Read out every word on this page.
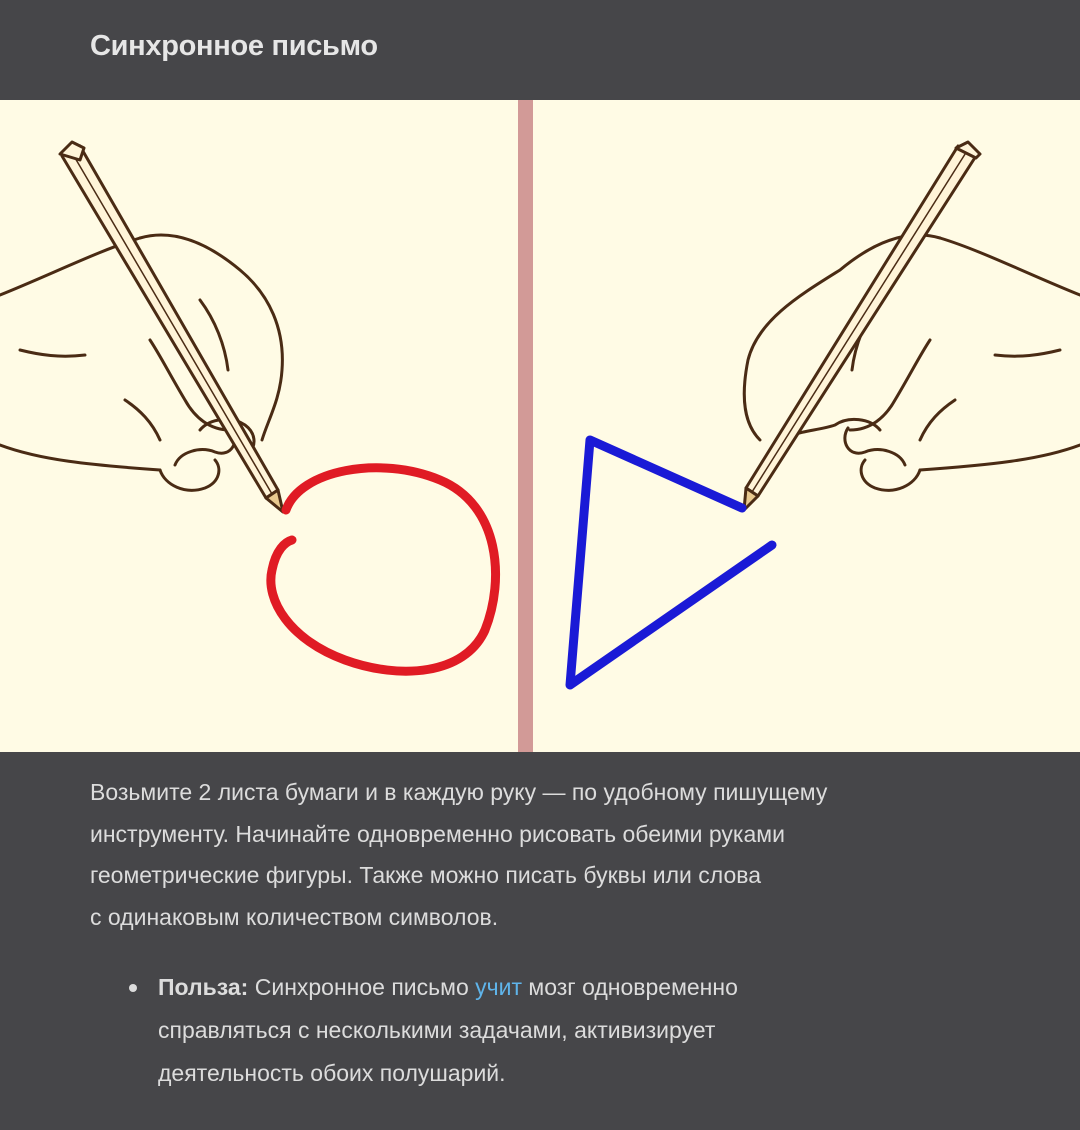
Синхронное письмо

Возьмите 2 листа бумаги и в каждую руку — по удобному пишущему
инструменту. Начинайте одновременно рисовать обеими руками
геометрические фигуры. Также можно писать буквы или слова
с одинаковым количеством символов.

Польза: Синхронное письмо учит мозг одновременно
справляться с несколькими задачами, активизирует
деятельность обоих полушарий.
